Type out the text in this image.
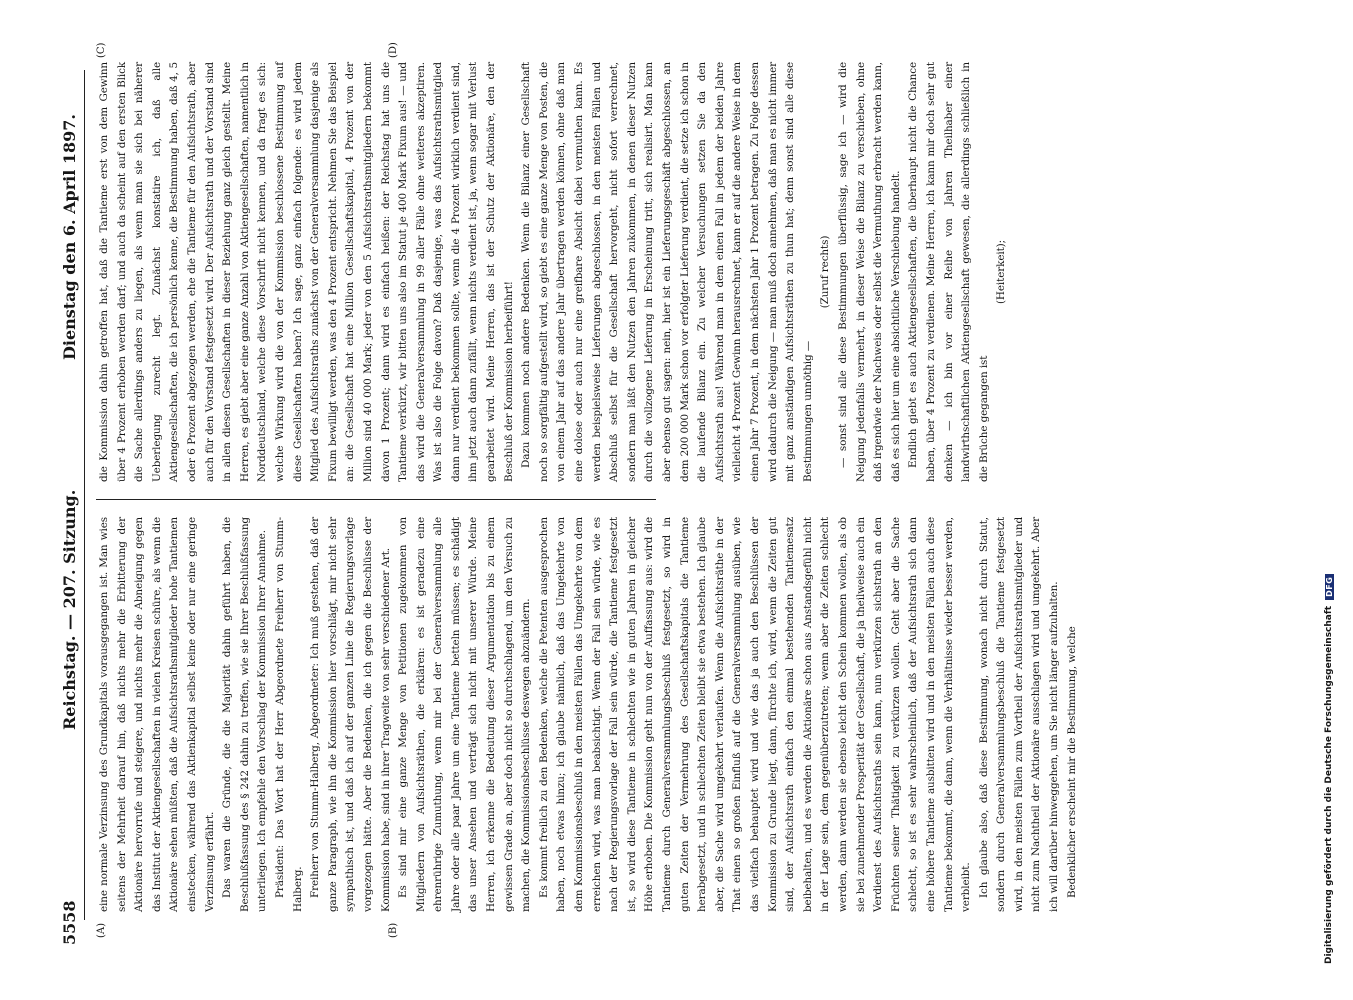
5558
Reichstag. — 207. Sitzung.
Dienstag den 6. April 1897.
(A)	(B)
(C)	(D)

eine normale Verzinsung des Grundkapitals vorausgegangen ist. Man wies seitens der Mehrheit darauf hin, daß nichts mehr die Erbitterung der Aktionäre hervorrufe und steigere, und nichts mehr die Abneigung gegen das Institut der Aktiengesellschaften in vielen Kreisen schüre, als wenn die Aktionäre sehen müßten, daß die Aufsichtsrathsmitglieder hohe Tantiemen einstecken, während das Aktienkapital selbst keine oder nur eine geringe Verzinsung erfährt. Das waren die Gründe, die die Majorität dahin geführt haben, die Beschlußfassung des § 242 dahin zu treffen, wie sie Ihrer Beschlußfassung unterliegen. Ich empfehle den Vorschlag der Kommission Ihrer Annahme. Präsident: Das Wort hat der Herr Abgeordnete Freiherr von Stumm-Halberg. Freiherr von Stumm-Halberg, Abgeordneter: Ich muß gestehen, daß der ganze Paragraph, wie ihn die Kommission hier vorschlägt, mir nicht sehr sympathisch ist, und daß ich auf der ganzen Linie die Regierungsvorlage vorgezogen hätte. Aber die Bedenken, die ich gegen die Beschlüsse der Kommission habe, sind in ihrer Tragweite von sehr verschiedener Art. Es sind mir eine ganze Menge von Petitionen zugekommen von Mitgliedern von Aufsichtsräthen, die erklären: es ist geradezu eine ehrenrührige Zumuthung, wenn mir bei der Generalversammlung alle Jahre oder alle paar Jahre um eine Tantieme betteln müssen; es schädigt das unser Ansehen und verträgt sich nicht mit unserer Würde. Meine Herren, ich erkenne die Bedeutung dieser Argumentation bis zu einem gewissen Grade an, aber doch nicht so durchschlagend, um den Versuch zu machen, die Kommissionsbeschlüsse deswegen abzuändern. Es kommt freilich zu den Bedenken, welche die Petenten ausgesprochen haben, noch etwas hinzu; ich glaube nämlich, daß das Umgekehrte von dem Kommissionsbeschluß in den meisten Fällen das Umgekehrte von dem erreichen wird, was man beabsichtigt. Wenn der Fall sein würde, wie es nach der Regierungsvorlage der Fall sein würde, die Tantieme festgesetzt ist, so wird diese Tantieme in schlechten wie in guten Jahren in gleicher Höhe erhoben. Die Kommission geht nun von der Auffassung aus: wird die Tantieme durch Generalversammlungsbeschluß festgesetzt, so wird in guten Zeiten der Vermehrung des Gesellschaftskapitals die Tantieme herabgesetzt, und in schlechten Zeiten bleibt sie etwa bestehen. Ich glaube aber, die Sache wird umgekehrt verlaufen. Wenn die Aufsichtsräthe in der That einen so großen Einfluß auf die Generalversammlung ausüben, wie das vielfach behauptet wird und wie das ja auch den Beschlüssen der Kommission zu Grunde liegt, dann, fürchte ich, wird, wenn die Zeiten gut sind, der Aufsichtsrath einfach den einmal bestehenden Tantiemesatz beibehalten, und es werden die Aktionäre schon aus Anstandsgefühl nicht in der Lage sein, dem gegenüberzutreten; wenn aber die Zeiten schlecht werden, dann werden sie ebenso leicht den Schein kommen wollen, als ob sie bei zunehmender Prosperität der Gesellschaft, die ja theilweise auch ein Verdienst des Aufsichtsraths sein kann, nun verkürzen sichstrath an den Früchten seiner Thätigkeit zu verkürzen wollen. Geht aber die Sache schlecht, so ist es sehr wahrscheinlich, daß der Aufsichtsrath sich dann eine höhere Tantieme ausbitten wird und in den meisten Fällen auch diese Tantieme bekommt, die dann, wenn die Verhältnisse wieder besser werden, verbleibt. Ich glaube also, daß diese Bestimmung, wonach nicht durch Statut, sondern durch Generalversammlungsbeschluß die Tantieme festgesetzt wird, in den meisten Fällen zum Vortheil der Aufsichtsrathsmitglieder und nicht zum Nachtheil der Aktionäre ausschlagen wird und umgekehrt. Aber ich will darüber hinweggehen, um Sie nicht länger aufzuhalten. Bedenklicher erscheint mir die Bestimmung, welche

die Kommission dahin getroffen hat, daß die Tantieme erst von dem Gewinn über 4 Prozent erhoben werden darf; und auch da scheint auf den ersten Blick die Sache allerdings anders zu liegen, als wenn man sie sich bei näherer Ueberlegung zurecht legt. Zunächst konstatire ich, daß alle Aktiengesellschaften, die ich persönlich kenne, die Bestimmung haben, daß 4, 5 oder 6 Prozent abgezogen werden, ehe die Tantieme für den Aufsichtsrath, aber auch für den Vorstand festgesetzt wird. Der Aufsichtsrath und der Vorstand sind in allen diesen Gesellschaften in dieser Beziehung ganz gleich gestellt. Meine Herren, es giebt aber eine ganze Anzahl von Aktiengesellschaften, namentlich in Norddeutschland, welche diese Vorschrift nicht kennen, und da fragt es sich: welche Wirkung wird die von der Kommission beschlossene Bestimmung auf diese Gesellschaften haben? Ich sage, ganz einfach folgende: es wird jedem Mitglied des Aufsichtsraths zunächst von der Generalversammlung dasjenige als Fixum bewilligt werden, was den 4 Prozent entspricht. Nehmen Sie das Beispiel an: die Gesellschaft hat eine Million Gesellschaftskapital, 4 Prozent von der Million sind 40 000 Mark; jeder von den 5 Aufsichtsrathsmitgliedern bekommt davon 1 Prozent; dann wird es einfach heißen: der Reichstag hat uns die Tantieme verkürzt, wir bitten uns also im Statut je 400 Mark Fixum aus! — und das wird die Generalversammlung in 99 aller Fälle ohne weiteres akzeptiren. Was ist also die Folge davon? Daß dasjenige, was das Aufsichtsrathsmitglied dann nur verdient bekommen sollte, wenn die 4 Prozent wirklich verdient sind, ihm jetzt auch dann zufällt, wenn nichts verdient ist, ja, wenn sogar mit Verlust gearbeitet wird. Meine Herren, das ist der Schutz der Aktionäre, den der Beschluß der Kommission herbeiführt! Dazu kommen noch andere Bedenken. Wenn die Bilanz einer Gesellschaft noch so sorgfältig aufgestellt wird, so giebt es eine ganze Menge von Posten, die von einem Jahr auf das andere Jahr übertragen werden können, ohne daß man eine dolose oder auch nur eine greifbare Absicht dabei vermuthen kann. Es werden beispielsweise Lieferungen abgeschlossen, in den meisten Fällen und Abschluß selbst für die Gesellschaft hervorgeht, nicht sofort verrechnet, sondern man läßt den Nutzen den Jahren zukommen, in denen dieser Nutzen durch die vollzogene Lieferung in Erscheinung tritt, sich realisirt. Man kann aber ebenso gut sagen: nein, hier ist ein Lieferungsgeschäft abgeschlossen, an dem 200 000 Mark schon vor erfolgter Lieferung verdient, die setze ich schon in die laufende Bilanz ein. Zu welcher Versuchungen setzen Sie da den Aufsichtsrath aus! Während man in dem einen Fall in jedem der beiden Jahre vielleicht 4 Prozent Gewinn herausrechnet, kann er auf die andere Weise in dem einen Jahr 7 Prozent, in dem nächsten Jahr 1 Prozent betragen. Zu Folge dessen wird dadurch die Neigung — man muß doch annehmen, daß man es nicht immer mit ganz anständigen Aufsichtsräthen zu thun hat; denn sonst sind alle diese Bestimmungen unnöthig —

(Zuruf rechts) — sonst sind alle diese Bestimmungen überflüssig, sage ich — wird die Neigung jedenfalls vermehrt, in dieser Weise die Bilanz zu verschieben, ohne daß irgendwie der Nachweis oder selbst die Vermuthung erbracht werden kann, daß es sich hier um eine absichtliche Verschiebung handelt. Endlich giebt es auch Aktiengesellschaften, die überhaupt nicht die Chance haben, über 4 Prozent zu verdienen. Meine Herren, ich kann mir doch sehr gut denken — ich bin vor einer Reihe von Jahren Theilhaber einer landwirthschaftlichen Aktiengesellschaft gewesen, die allerdings schließlich in die Brüche gegangen ist

(Heiterkeit);

Digitalisierung gefördert durch die Deutsche Forschungsgemeinschaft
DFG
